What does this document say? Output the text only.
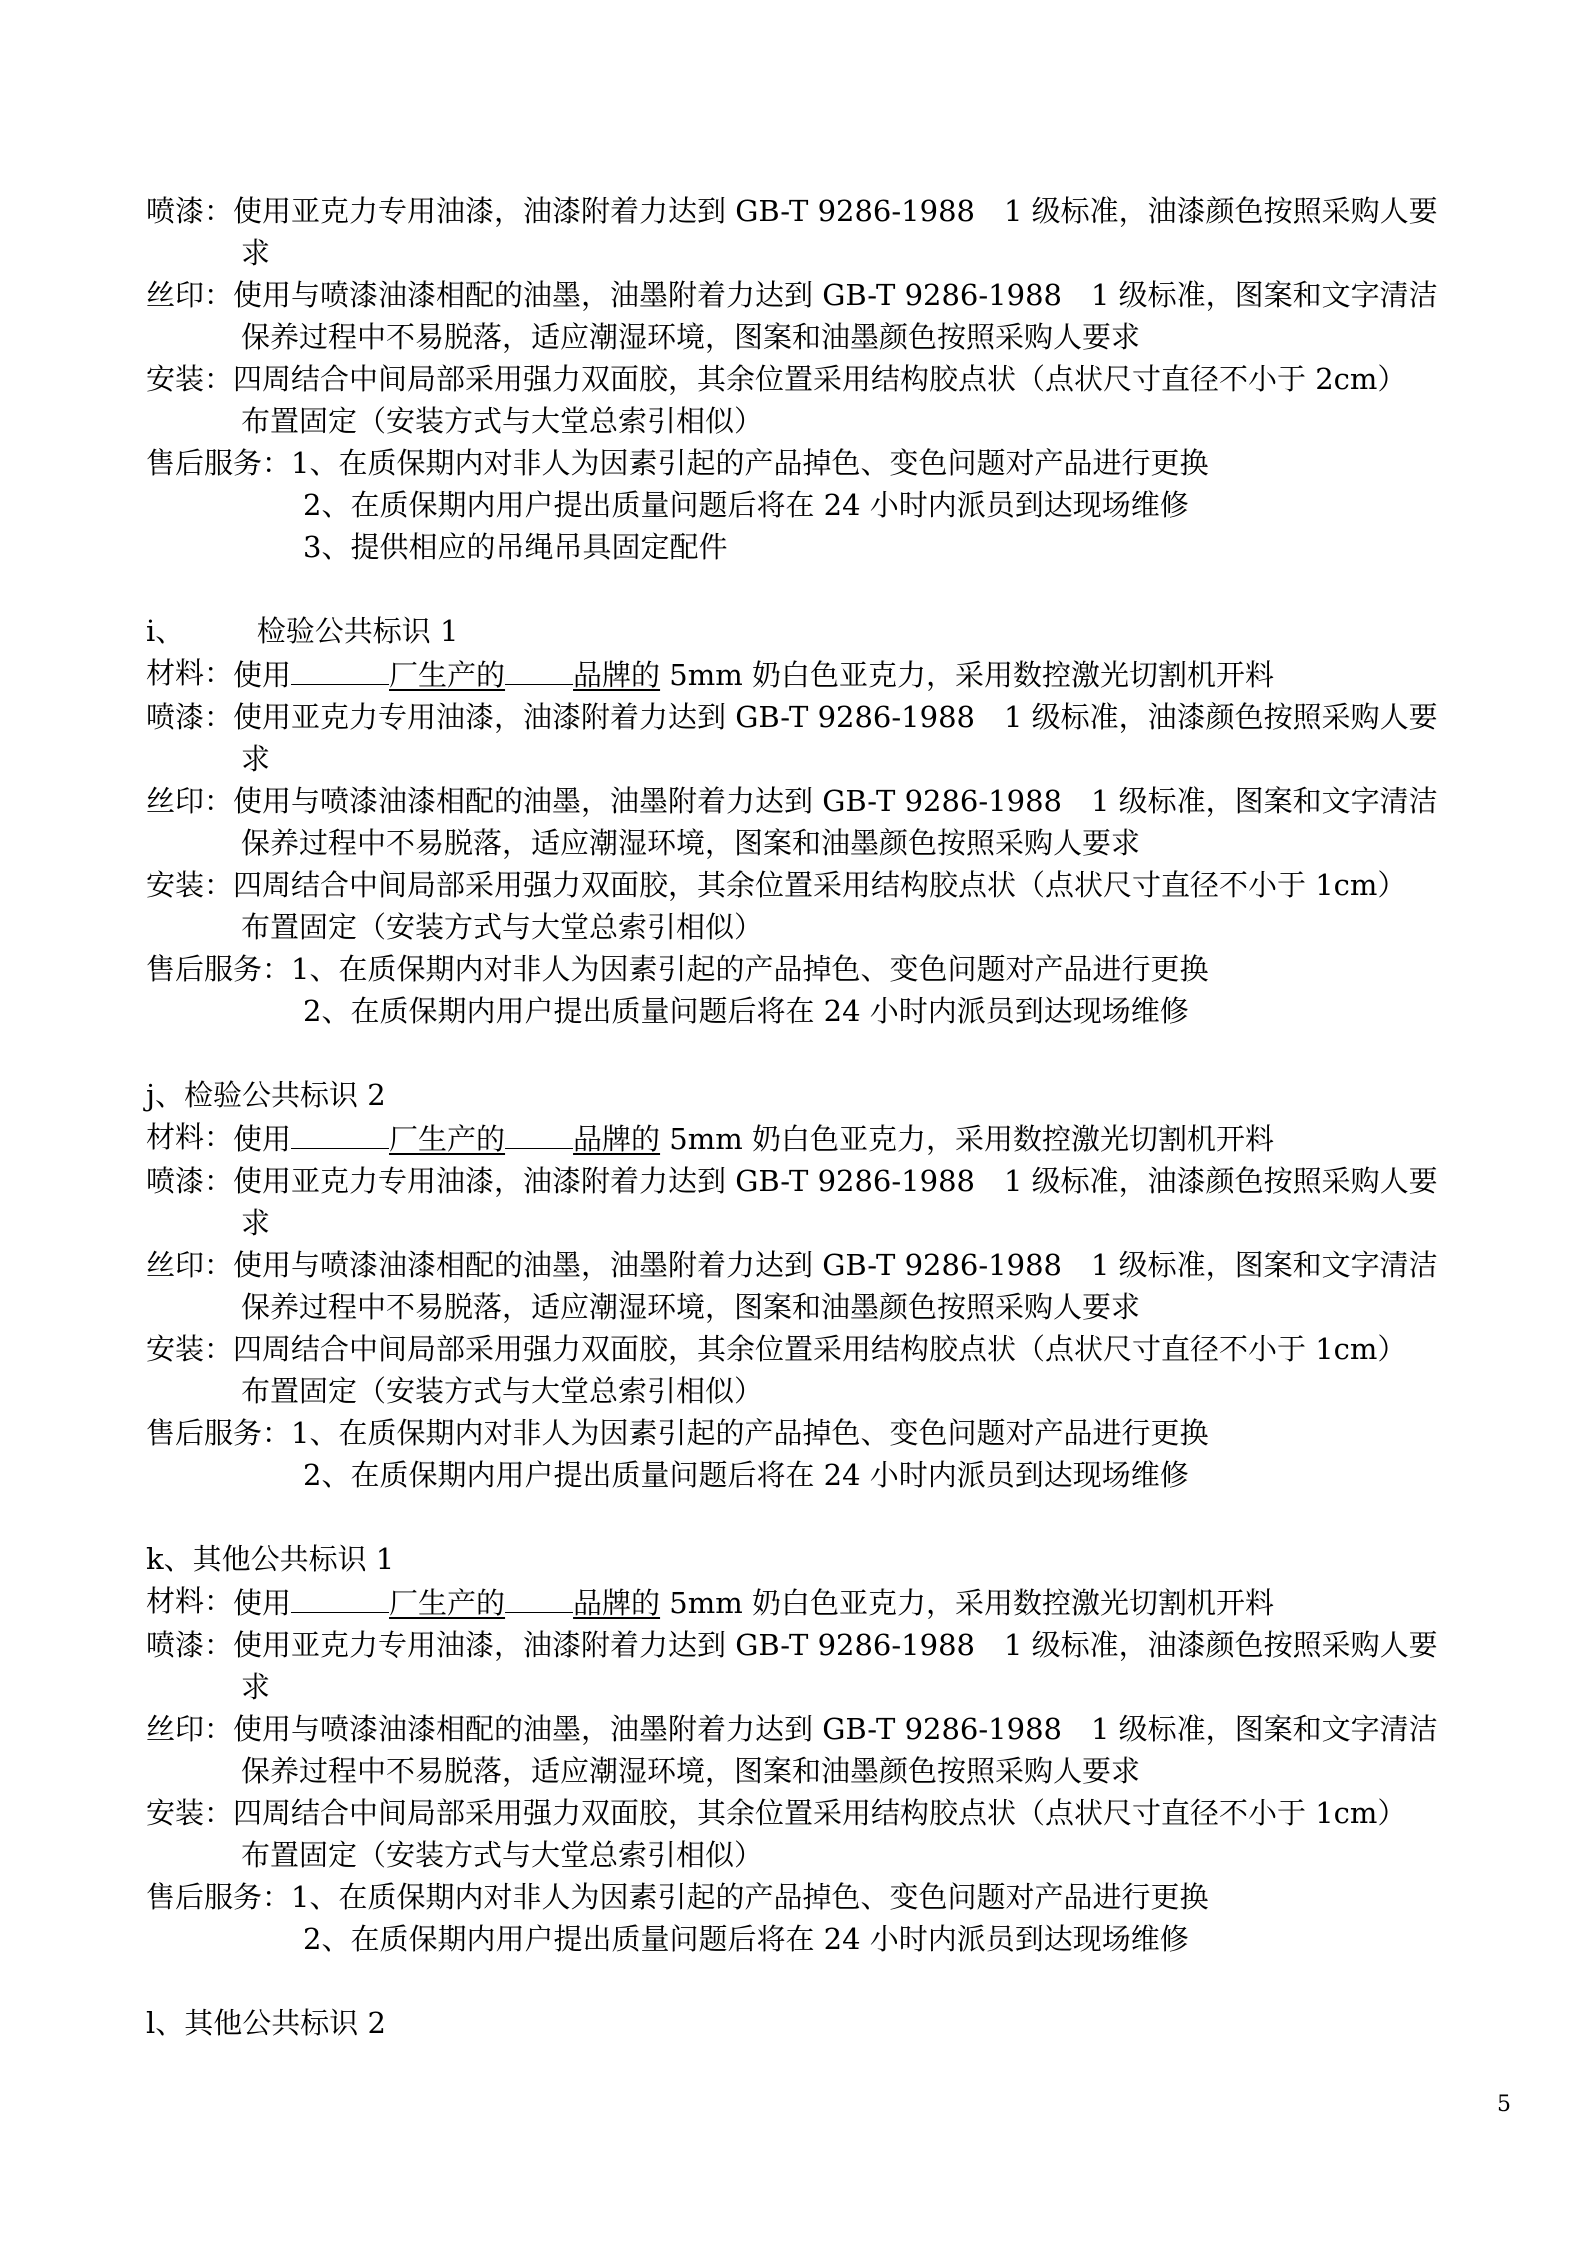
喷漆： 使用亚克力专用油漆，油漆附着力达到 GB-T 9286-1988　1 级标准，油漆颜色按照采购人要
求
丝印： 使用与喷漆油漆相配的油墨，油墨附着力达到 GB-T 9286-1988　1 级标准，图案和文字清洁
保养过程中不易脱落，适应潮湿环境，图案和油墨颜色按照采购人要求
安装： 四周结合中间局部采用强力双面胶，其余位置采用结构胶点状（点状尺寸直径不小于 2cm）
布置固定（安装方式与大堂总索引相似）
售后服务： 1、在质保期内对非人为因素引起的产品掉色、变色问题对产品进行更换
2、在质保期内用户提出质量问题后将在 24 小时内派员到达现场维修
3、提供相应的吊绳吊具固定配件
i、　　　检验公共标识 1
材料： 使用	厂生产的 品牌的 5mm 奶白色亚克力，采用数控激光切割机开料
喷漆： 使用亚克力专用油漆，油漆附着力达到 GB-T 9286-1988　1 级标准，油漆颜色按照采购人要
求
丝印： 使用与喷漆油漆相配的油墨，油墨附着力达到 GB-T 9286-1988　1 级标准，图案和文字清洁
保养过程中不易脱落，适应潮湿环境，图案和油墨颜色按照采购人要求
安装： 四周结合中间局部采用强力双面胶，其余位置采用结构胶点状（点状尺寸直径不小于 1cm）
布置固定（安装方式与大堂总索引相似）
售后服务： 1、在质保期内对非人为因素引起的产品掉色、变色问题对产品进行更换
2、在质保期内用户提出质量问题后将在 24 小时内派员到达现场维修
j、检验公共标识 2
材料： 使用	厂生产的 品牌的 5mm 奶白色亚克力，采用数控激光切割机开料
喷漆： 使用亚克力专用油漆，油漆附着力达到 GB-T 9286-1988　1 级标准，油漆颜色按照采购人要
求
丝印： 使用与喷漆油漆相配的油墨，油墨附着力达到 GB-T 9286-1988　1 级标准，图案和文字清洁
保养过程中不易脱落，适应潮湿环境，图案和油墨颜色按照采购人要求
安装： 四周结合中间局部采用强力双面胶，其余位置采用结构胶点状（点状尺寸直径不小于 1cm）
布置固定（安装方式与大堂总索引相似）
售后服务： 1、在质保期内对非人为因素引起的产品掉色、变色问题对产品进行更换
2、在质保期内用户提出质量问题后将在 24 小时内派员到达现场维修
k、其他公共标识 1
材料： 使用	厂生产的 品牌的 5mm 奶白色亚克力，采用数控激光切割机开料
喷漆： 使用亚克力专用油漆，油漆附着力达到 GB-T 9286-1988　1 级标准，油漆颜色按照采购人要
求
丝印： 使用与喷漆油漆相配的油墨，油墨附着力达到 GB-T 9286-1988　1 级标准，图案和文字清洁
保养过程中不易脱落，适应潮湿环境，图案和油墨颜色按照采购人要求
安装： 四周结合中间局部采用强力双面胶，其余位置采用结构胶点状（点状尺寸直径不小于 1cm）
布置固定（安装方式与大堂总索引相似）
售后服务： 1、在质保期内对非人为因素引起的产品掉色、变色问题对产品进行更换
2、在质保期内用户提出质量问题后将在 24 小时内派员到达现场维修
l、其他公共标识 2
5
